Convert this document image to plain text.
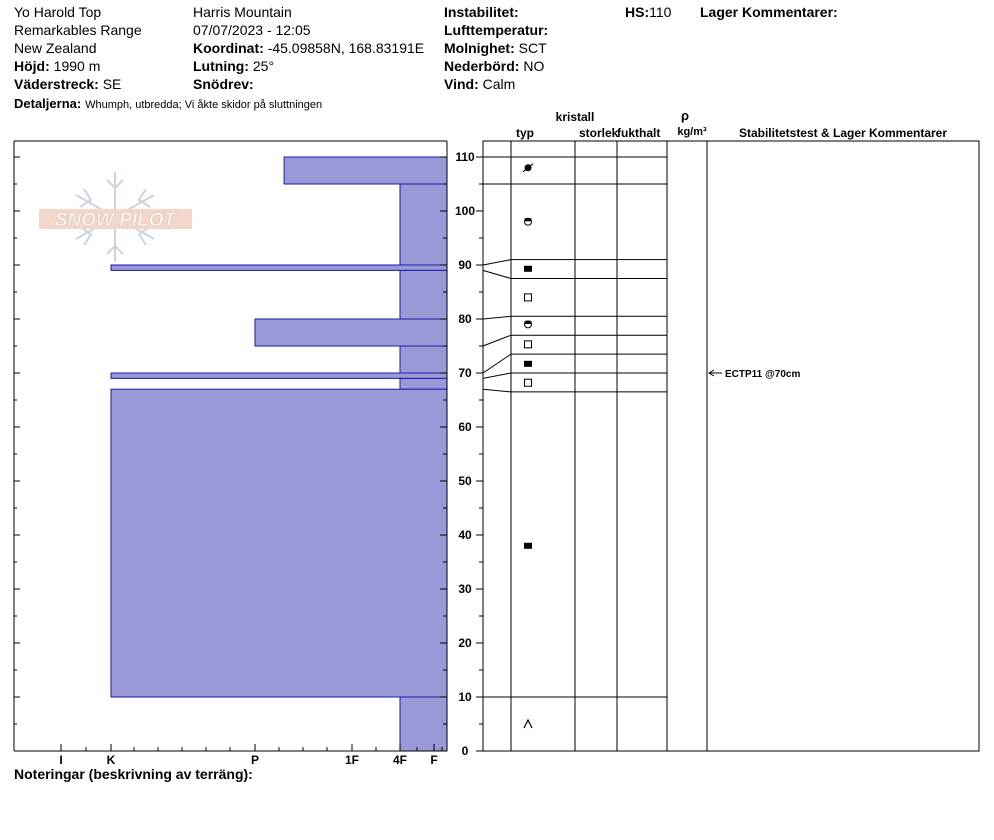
Yo Harold Top
Remarkables Range
New Zealand
Höjd: 1990 m
Väderstreck: SE
Detaljerna: Whumph, utbredda; Vi åkte skidor på sluttningen
Harris Mountain
07/07/2023 - 12:05
Koordinat: -45.09858N, 168.83191E
Lutning: 25°
Snödrev:
Instabilitet:
Lufttemperatur:
Molnighet: SCT
Nederbörd: NO
Vind: Calm
HS:110 Lager Kommentarer:
Noteringar (beskrivning av terräng):
SNOW PILOT
ECTP11 @70cm
I	K	P	1F	4F F
0
10
20
30
40
50
60
70
80
90
100
110
kristall
typ	storlek
fukthalt
ρ
kg/m³	Stabilitetstest & Lager Kommentarer
